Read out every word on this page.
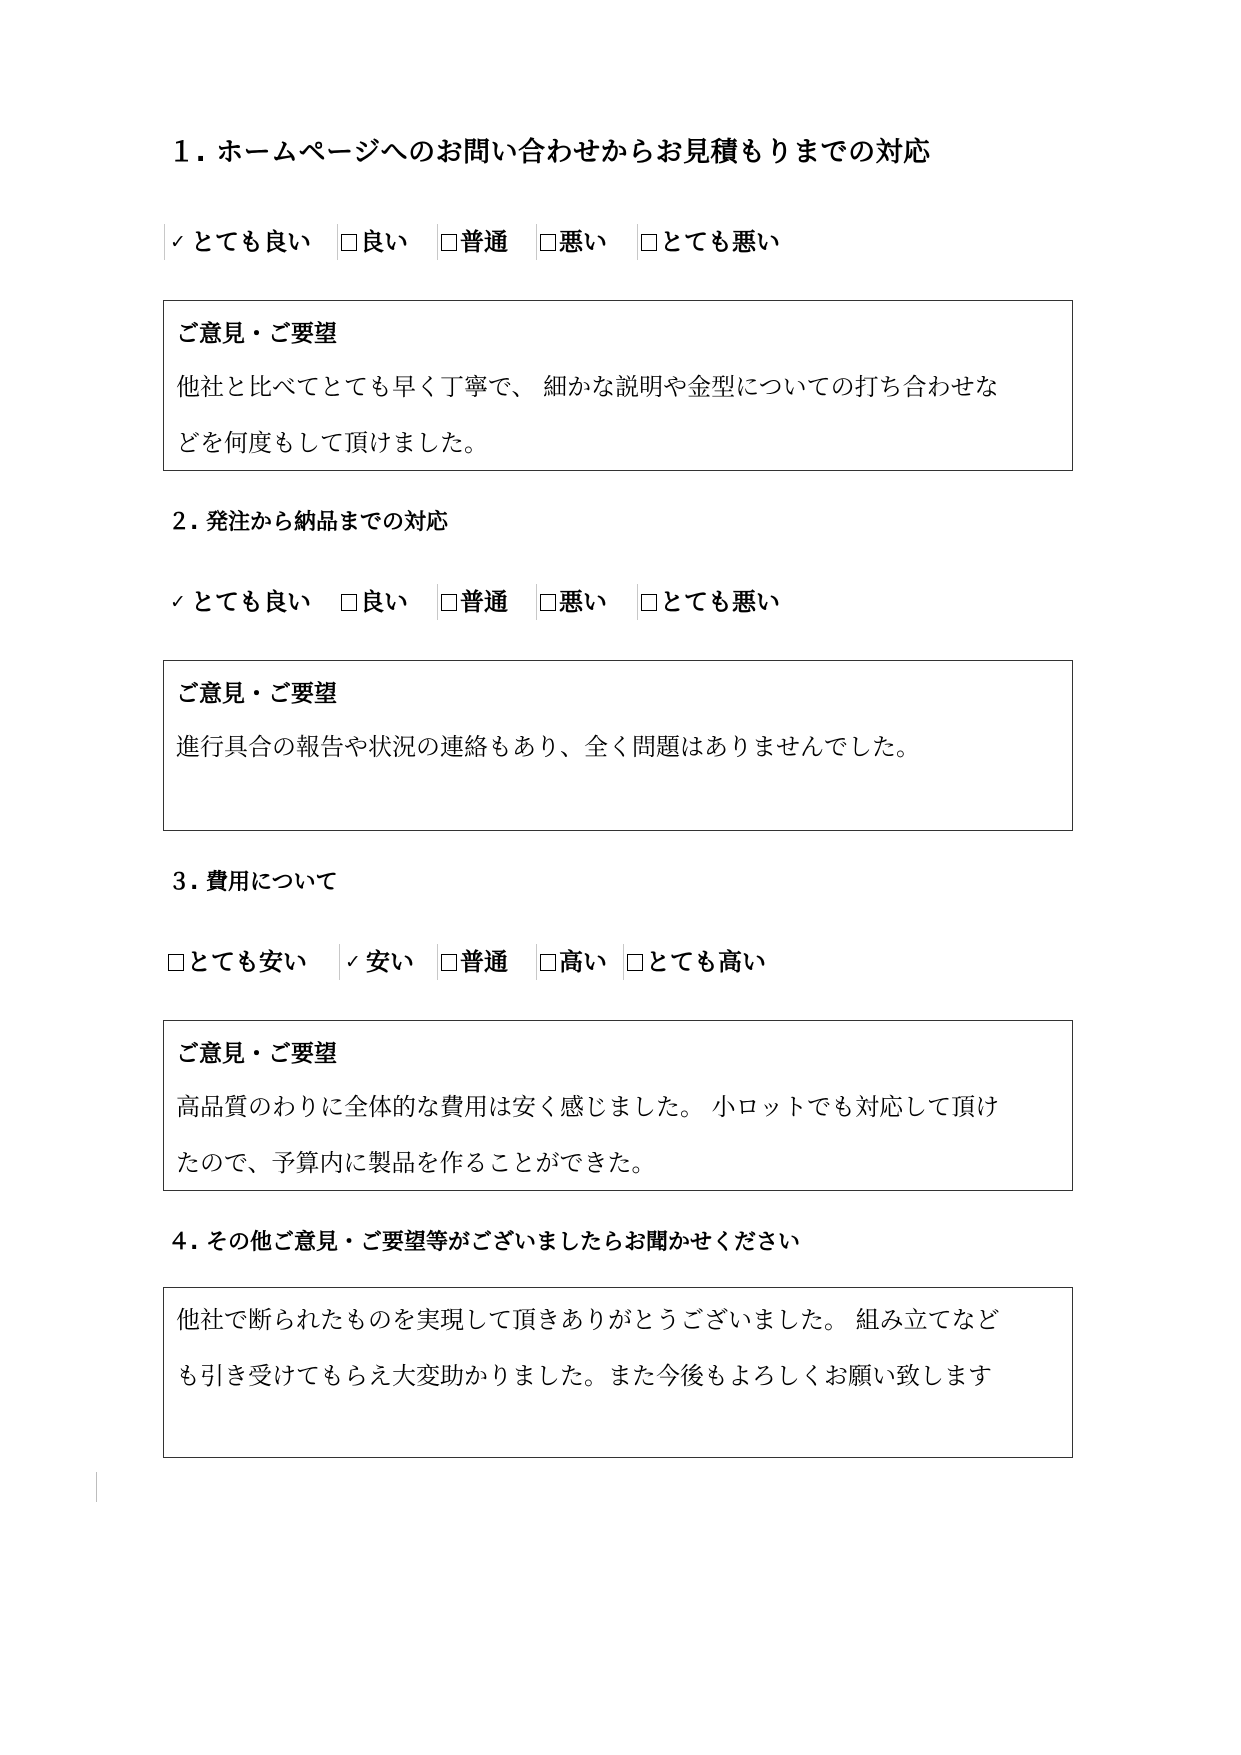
１. ホームページへのお問い合わせからお見積もりまでの対応
✓ とても良い 良い 普通 悪い とても悪い
ご意見・ご要望
他社と比べてとても早く丁寧で、 細かな説明や金型についての打ち合わせな
どを何度もして頂けました。
２. 発注から納品までの対応
✓ とても良い 良い 普通 悪い とても悪い
ご意見・ご要望
進行具合の報告や状況の連絡もあり、全く問題はありませんでした。
３. 費用について
とても安い ✓ 安い 普通 高い とても高い
ご意見・ご要望
高品質のわりに全体的な費用は安く感じました。 小ロットでも対応して頂け
たので、予算内に製品を作ることができた。
４. その他ご意見・ご要望等がございましたらお聞かせください
他社で断られたものを実現して頂きありがとうございました。 組み立てなど
も引き受けてもらえ大変助かりました。また今後もよろしくお願い致します
